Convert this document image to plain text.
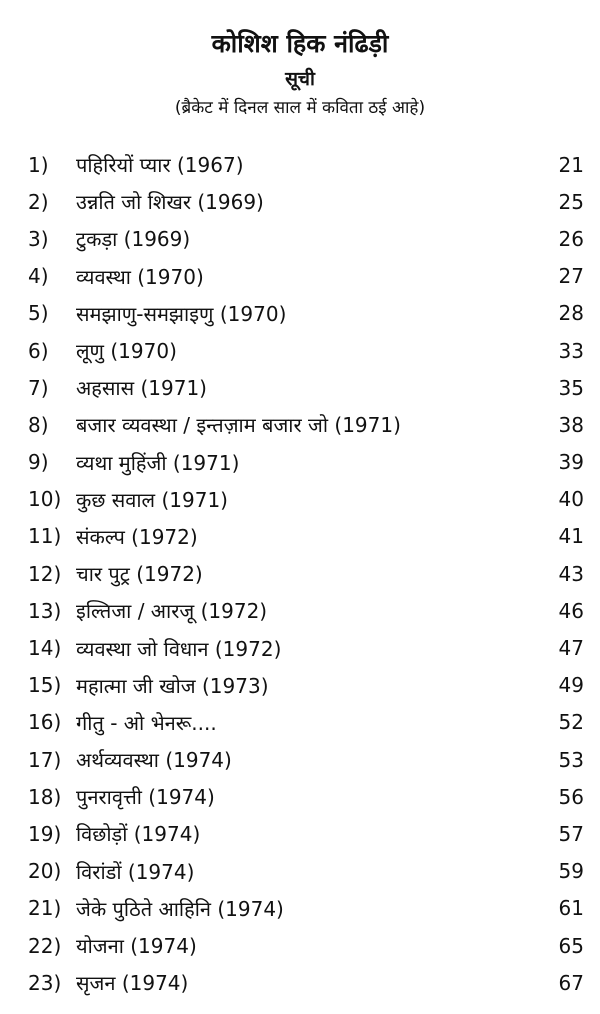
कोशिश हिक नंढिड़ी
सूची
(ब्रैकेट में दिनल साल में कविता ठई आहे)
1)	पहिरियों प्यार (1967)	21
2)	उन्नति जो शिखर (1969)	25
3)	टुकड़ा (1969)	26
4)	व्यवस्था (1970)	27
5)	समझाणु-समझाइणु (1970)	28
6)	लूणु (1970)	33
7)	अहसास (1971)	35
8)	बजार व्यवस्था / इन्तज़ाम बजार जो (1971)	38
9)	व्यथा मुहिंजी (1971)	39
10) कुछ सवाल (1971)	40
11) संकल्प (1972)	41
12) चार पुट्र (1972)	43
13) इल्तिजा / आरजू (1972)	46
14) व्यवस्था जो विधान (1972)	47
15) महात्मा जी खोज (1973)	49
16) गीतु - ओ भेनरू....	52
17) अर्थव्यवस्था (1974)	53
18) पुनरावृत्ती (1974)	56
19) विछोड़ों (1974)	57
20) विरांडों (1974)	59
21) जेके पुठिते आहिनि (1974)	61
22) योजना (1974)	65
23) सृजन (1974)	67
